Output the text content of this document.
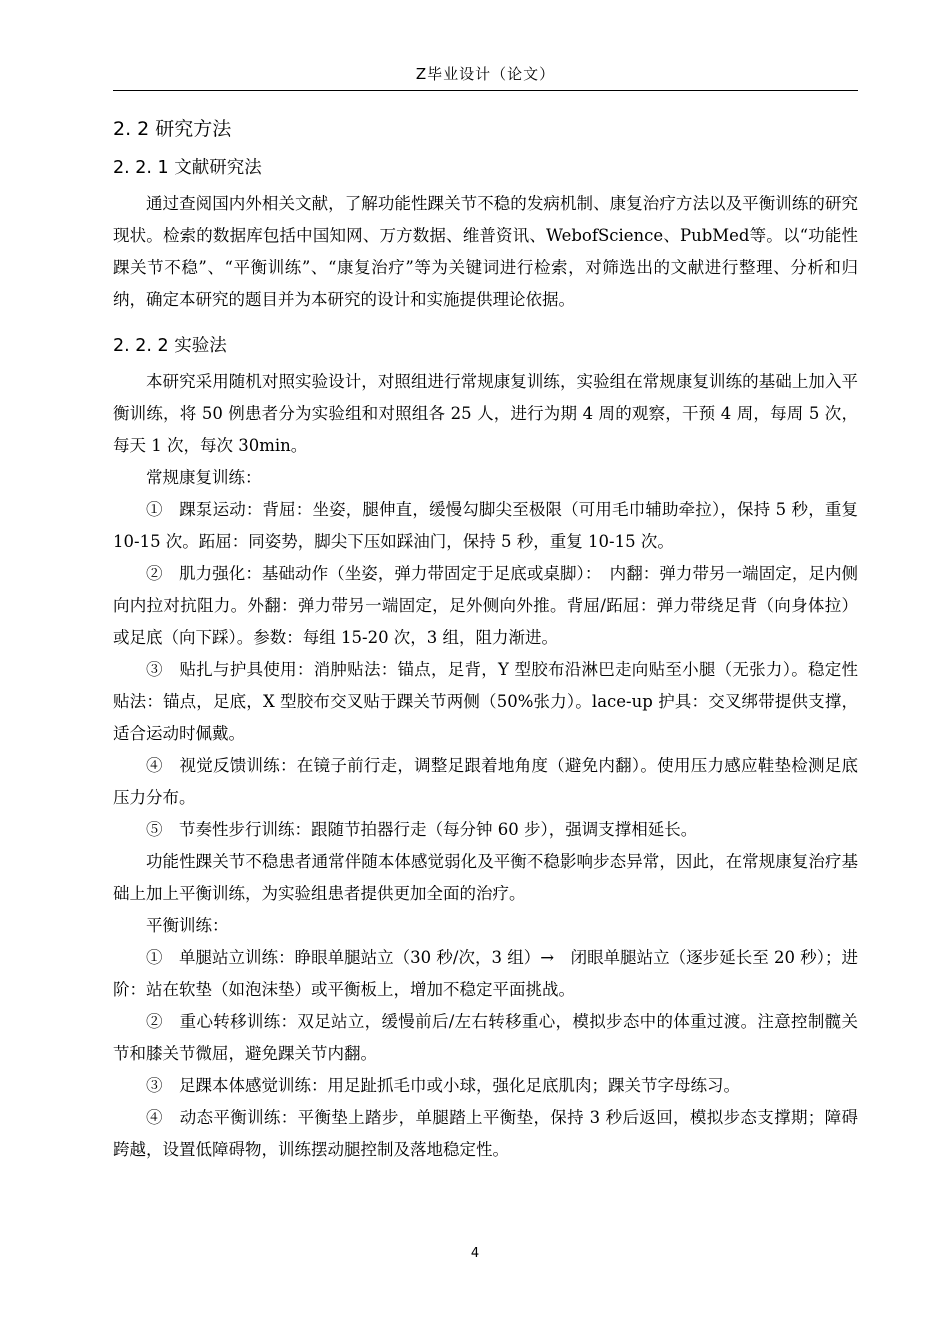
Z毕业设计（论文）
2. 2 研究方法
2. 2. 1 文献研究法

通过查阅国内外相关文献，了解功能性踝关节不稳的发病机制、康复治疗方法以及平衡训练的研究现状。检索的数据库包括中国知网、万方数据、维普资讯、WebofScience、PubMed等。以“功能性踝关节不稳”、“平衡训练”、“康复治疗”等为关键词进行检索，对筛选出的文献进行整理、分析和归纳，确定本研究的题目并为本研究的设计和实施提供理论依据。

2. 2. 2 实验法

本研究采用随机对照实验设计，对照组进行常规康复训练，实验组在常规康复训练的基础上加入平衡训练，将 50 例患者分为实验组和对照组各 25 人，进行为期 4 周的观察，干预 4 周，每周 5 次，每天 1 次，每次 30min。

常规康复训练：

①　踝泵运动：背屈：坐姿，腿伸直，缓慢勾脚尖至极限（可用毛巾辅助牵拉），保持 5 秒，重复 10-15 次。跖屈：同姿势，脚尖下压如踩油门，保持 5 秒，重复 10-15 次。

②　肌力强化：基础动作（坐姿，弹力带固定于足底或桌脚）：　内翻：弹力带另一端固定，足内侧向内拉对抗阻力。外翻：弹力带另一端固定，足外侧向外推。背屈/跖屈：弹力带绕足背（向身体拉）或足底（向下踩）。参数：每组 15-20 次，3 组，阻力渐进。

③　贴扎与护具使用：消肿贴法：锚点，足背，Y 型胶布沿淋巴走向贴至小腿（无张力）。稳定性贴法：锚点，足底，X 型胶布交叉贴于踝关节两侧（50%张力）。lace-up 护具：交叉绑带提供支撑，适合运动时佩戴。

④　视觉反馈训练：在镜子前行走，调整足跟着地角度（避免内翻）。使用压力感应鞋垫检测足底压力分布。

⑤　节奏性步行训练：跟随节拍器行走（每分钟 60 步），强调支撑相延长。

功能性踝关节不稳患者通常伴随本体感觉弱化及平衡不稳影响步态异常，因此，在常规康复治疗基础上加上平衡训练，为实验组患者提供更加全面的治疗。

平衡训练：

①　单腿站立训练：睁眼单腿站立（30 秒/次，3 组）→　闭眼单腿站立（逐步延长至 20 秒）；进阶：站在软垫（如泡沫垫）或平衡板上，增加不稳定平面挑战。

②　重心转移训练：双足站立，缓慢前后/左右转移重心，模拟步态中的体重过渡。注意控制髋关节和膝关节微屈，避免踝关节内翻。

③　足踝本体感觉训练：用足趾抓毛巾或小球，强化足底肌肉；踝关节字母练习。

④　动态平衡训练：平衡垫上踏步，单腿踏上平衡垫，保持 3 秒后返回，模拟步态支撑期；障碍跨越，设置低障碍物，训练摆动腿控制及落地稳定性。

4
